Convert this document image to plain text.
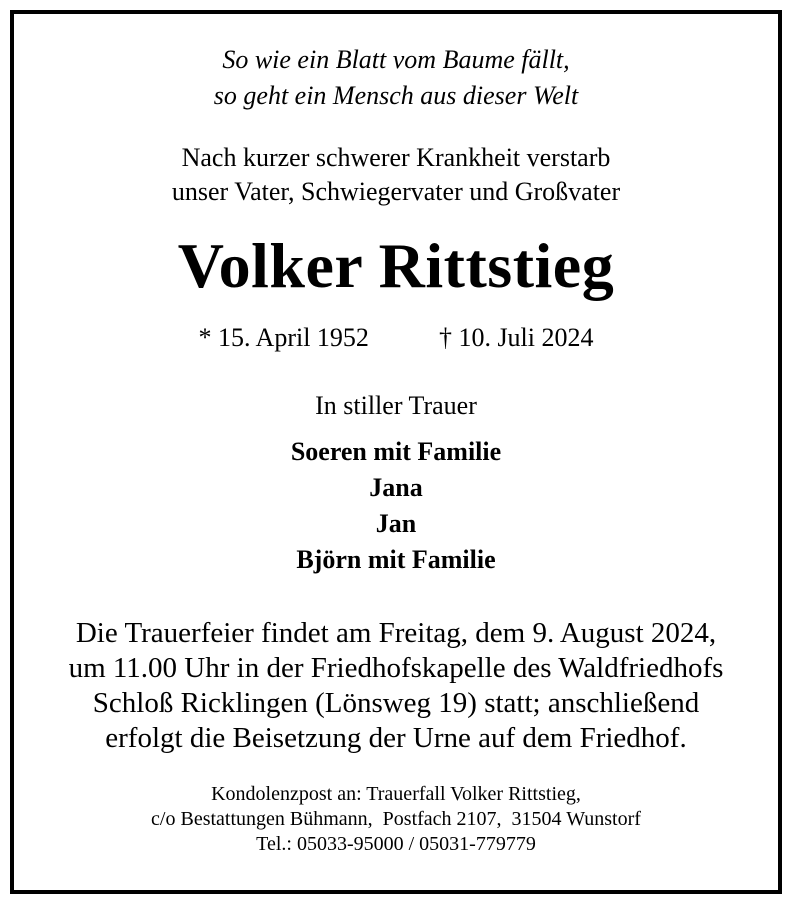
So wie ein Blatt vom Baume fällt,
so geht ein Mensch aus dieser Welt
Nach kurzer schwerer Krankheit verstarb
unser Vater, Schwiegervater und Großvater
Volker Rittstieg
* 15. April 1952	† 10. Juli 2024
In stiller Trauer
Soeren mit Familie
Jana
Jan
Björn mit Familie
Die Trauerfeier findet am Freitag, dem 9. August 2024,
um 11.00 Uhr in der Friedhofskapelle des Waldfriedhofs
Schloß Ricklingen (Lönsweg 19) statt; anschließend
erfolgt die Beisetzung der Urne auf dem Friedhof.
Kondolenzpost an: Trauerfall Volker Rittstieg,
c/o Bestattungen Bühmann,  Postfach 2107,  31504 Wunstorf
Tel.: 05033-95000 / 05031-779779
